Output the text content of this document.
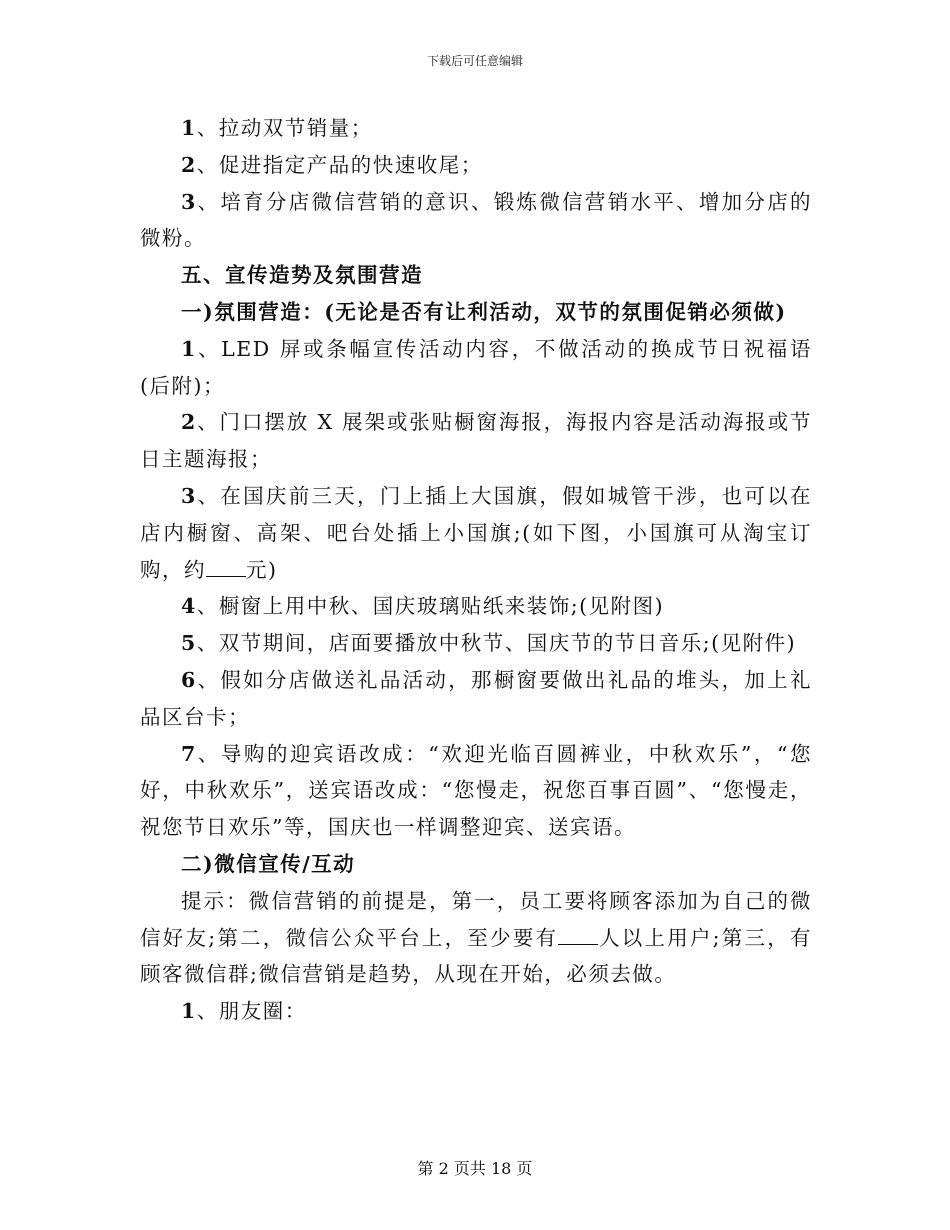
下载后可任意编辑

1、拉动双节销量；

2、促进指定产品的快速收尾；

3、培育分店微信营销的意识、锻炼微信营销水平、增加分店的微粉。

五、宣传造势及氛围营造

一)氛围营造：(无论是否有让利活动，双节的氛围促销必须做)

1、LED 屏或条幅宣传活动内容，不做活动的换成节日祝福语(后附)；

2、门口摆放 X 展架或张贴橱窗海报，海报内容是活动海报或节日主题海报；

3、在国庆前三天，门上插上大国旗，假如城管干涉，也可以在店内橱窗、高架、吧台处插上小国旗;(如下图，小国旗可从淘宝订购，约 元)

4、橱窗上用中秋、国庆玻璃贴纸来装饰;(见附图)

5、双节期间，店面要播放中秋节、国庆节的节日音乐;(见附件)

6、假如分店做送礼品活动，那橱窗要做出礼品的堆头，加上礼品区台卡；

7、导购的迎宾语改成：“欢迎光临百圆裤业，中秋欢乐”，“您好，中秋欢乐”，送宾语改成：“您慢走，祝您百事百圆”、“您慢走，祝您节日欢乐”等，国庆也一样调整迎宾、送宾语。

二)微信宣传/互动

提示：微信营销的前提是，第一，员工要将顾客添加为自己的微信好友;第二，微信公众平台上，至少要有 人以上用户;第三，有顾客微信群;微信营销是趋势，从现在开始，必须去做。

1、朋友圈：

第 2 页共 18 页
